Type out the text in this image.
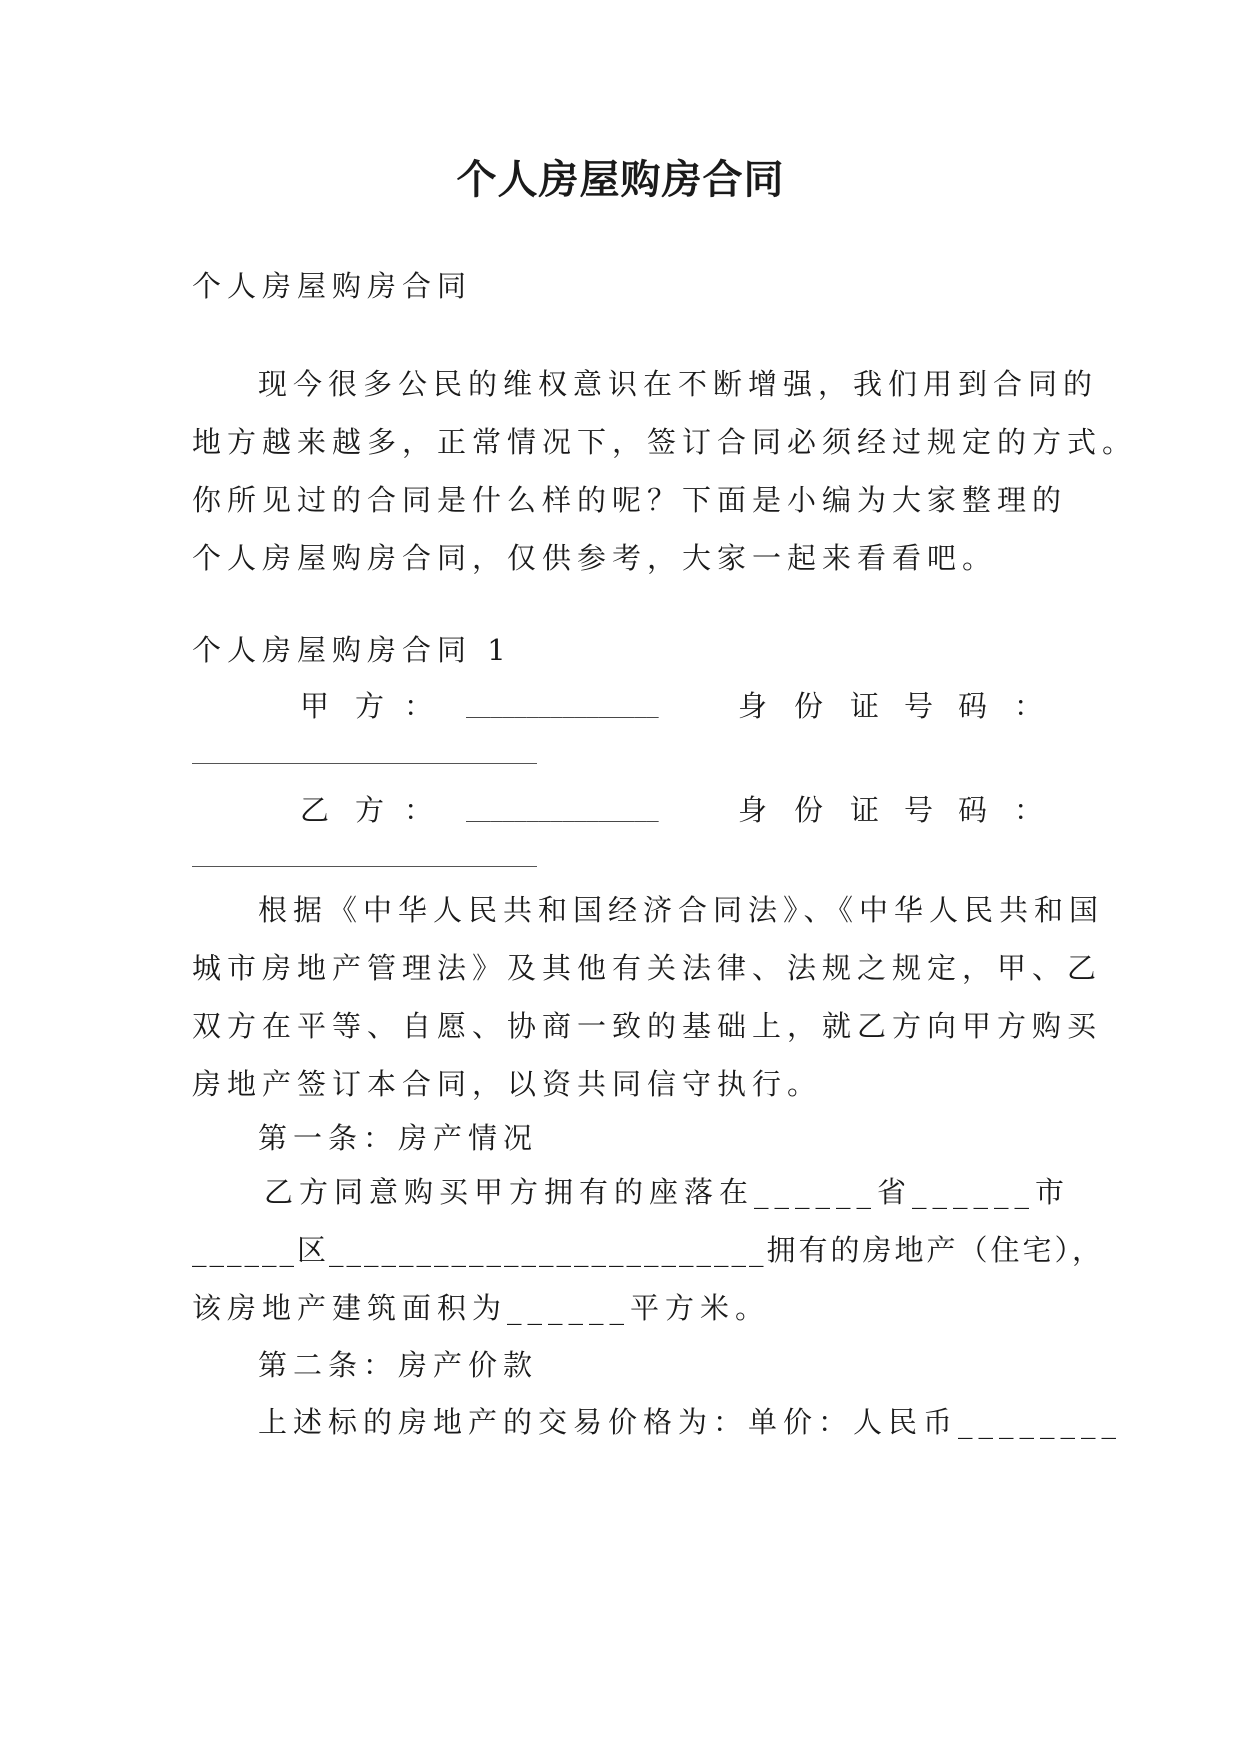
个人房屋购房合同

个人房屋购房合同

现今很多公民的维权意识在不断增强，我们用到合同的

地方越来越多，正常情况下，签订合同必须经过规定的方式。

你所见过的合同是什么样的呢？下面是小编为大家整理的

个人房屋购房合同，仅供参考，大家一起来看看吧。

个人房屋购房合同 1

甲 方 ： ________________	身 份 证 号 码 ：
乙 方 ： ________________	身 份 证 号 码 ：

根据《中华人民共和国经济合同法》、《中华人民共和国

城市房地产管理法》及其他有关法律、法规之规定，甲、乙

双方在平等、自愿、协商一致的基础上，就乙方向甲方购买

房地产签订本合同，以资共同信守执行。

第一条：房产情况

乙方同意购买甲方拥有的座落在______省______市

______区_________________________拥有的房地产（住宅），

该房地产建筑面积为______平方米。

第二条：房产价款

上述标的房地产的交易价格为：单价：人民币________
